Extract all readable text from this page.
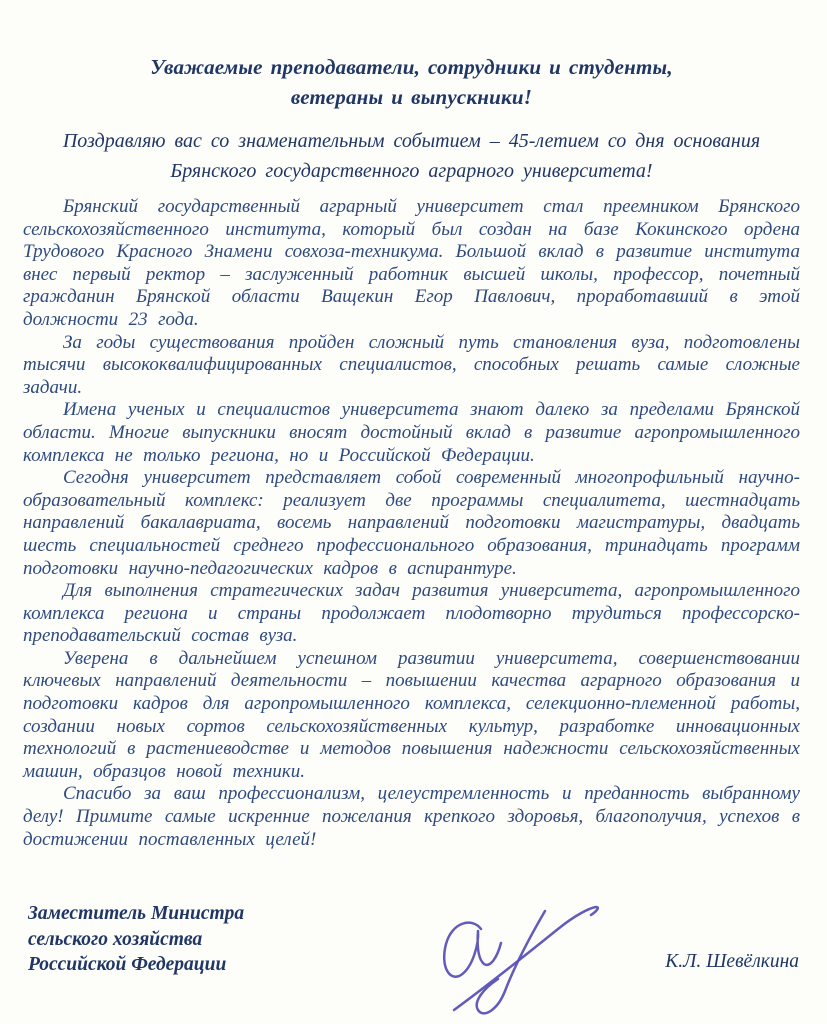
Уважаемые преподаватели, сотрудники и студенты,
ветераны и выпускники!

Поздравляю вас со знаменательным событием – 45-летием со дня основания Брянского государственного аграрного университета!

Брянский государственный аграрный университет стал преемником Брянского сельскохозяйственного института, который был создан на базе Кокинского ордена Трудового Красного Знамени совхоза-техникума. Большой вклад в развитие института внес первый ректор – заслуженный работник высшей школы, профессор, почетный гражданин Брянской области Ващекин Егор Павлович, проработавший в этой должности 23 года.

За годы существования пройден сложный путь становления вуза, подготовлены тысячи высококвалифицированных специалистов, способных решать самые сложные задачи.

Имена ученых и специалистов университета знают далеко за пределами Брянской области. Многие выпускники вносят достойный вклад в развитие агропромышленного комплекса не только региона, но и Российской Федерации.

Сегодня университет представляет собой современный многопрофильный научно-образовательный комплекс: реализует две программы специалитета, шестнадцать направлений бакалавриата, восемь направлений подготовки магистратуры, двадцать шесть специальностей среднего профессионального образования, тринадцать программ подготовки научно-педагогических кадров в аспирантуре.

Для выполнения стратегических задач развития университета, агропромышленного комплекса региона и страны продолжает плодотворно трудиться профессорско-преподавательский состав вуза.

Уверена в дальнейшем успешном развитии университета, совершенствовании ключевых направлений деятельности – повышении качества аграрного образования и подготовки кадров для агропромышленного комплекса, селекционно-племенной работы, создании новых сортов сельскохозяйственных культур, разработке инновационных технологий в растениеводстве и методов повышения надежности сельскохозяйственных машин, образцов новой техники.

Спасибо за ваш профессионализм, целеустремленность и преданность выбранному делу! Примите самые искренние пожелания крепкого здоровья, благополучия, успехов в достижении поставленных целей!

Заместитель Министра
сельского хозяйства
Российской Федерации	К.Л. Шевёлкина
